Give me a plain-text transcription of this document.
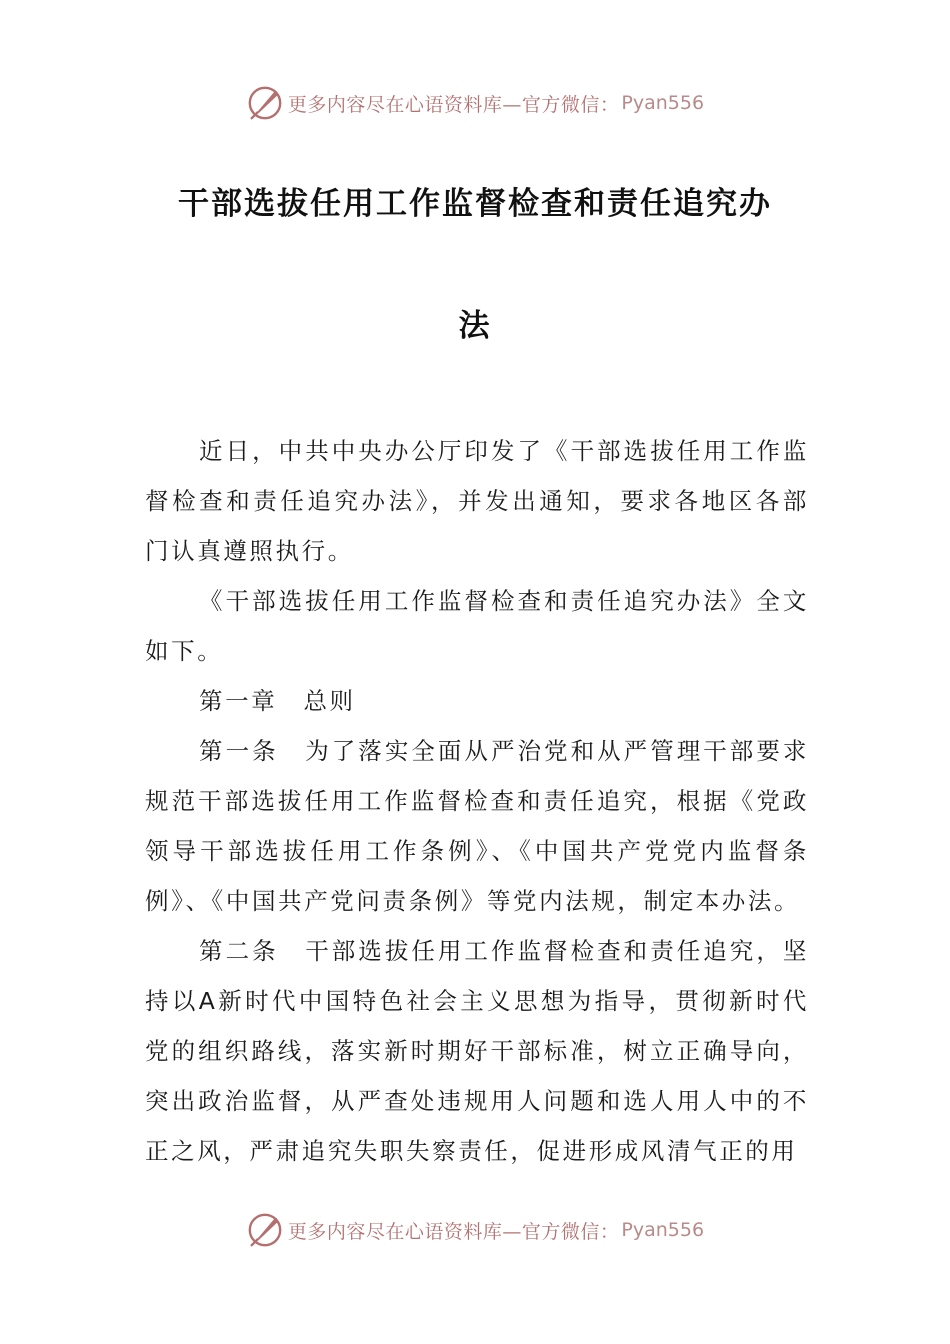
更多内容尽在心语资料库—官方微信： Pyan556
干部选拔任用工作监督检查和责任追究办
法

近日，中共中央办公厅印发了《干部选拔任用工作监督检查和责任追究办法》，并发出通知，要求各地区各部门认真遵照执行。

《干部选拔任用工作监督检查和责任追究办法》全文如下。

第一章　总则

第一条　为了落实全面从严治党和从严管理干部要求规范干部选拔任用工作监督检查和责任追究，根据《党政领导干部选拔任用工作条例》、《中国共产党党内监督条例》、《中国共产党问责条例》等党内法规，制定本办法。

第二条　干部选拔任用工作监督检查和责任追究，坚持以A新时代中国特色社会主义思想为指导，贯彻新时代党的组织路线，落实新时期好干部标准，树立正确导向，突出政治监督，从严查处违规用人问题和选人用人中的不正之风，严肃追究失职失察责任，促进形成风清气正的用

更多内容尽在心语资料库—官方微信： Pyan556
